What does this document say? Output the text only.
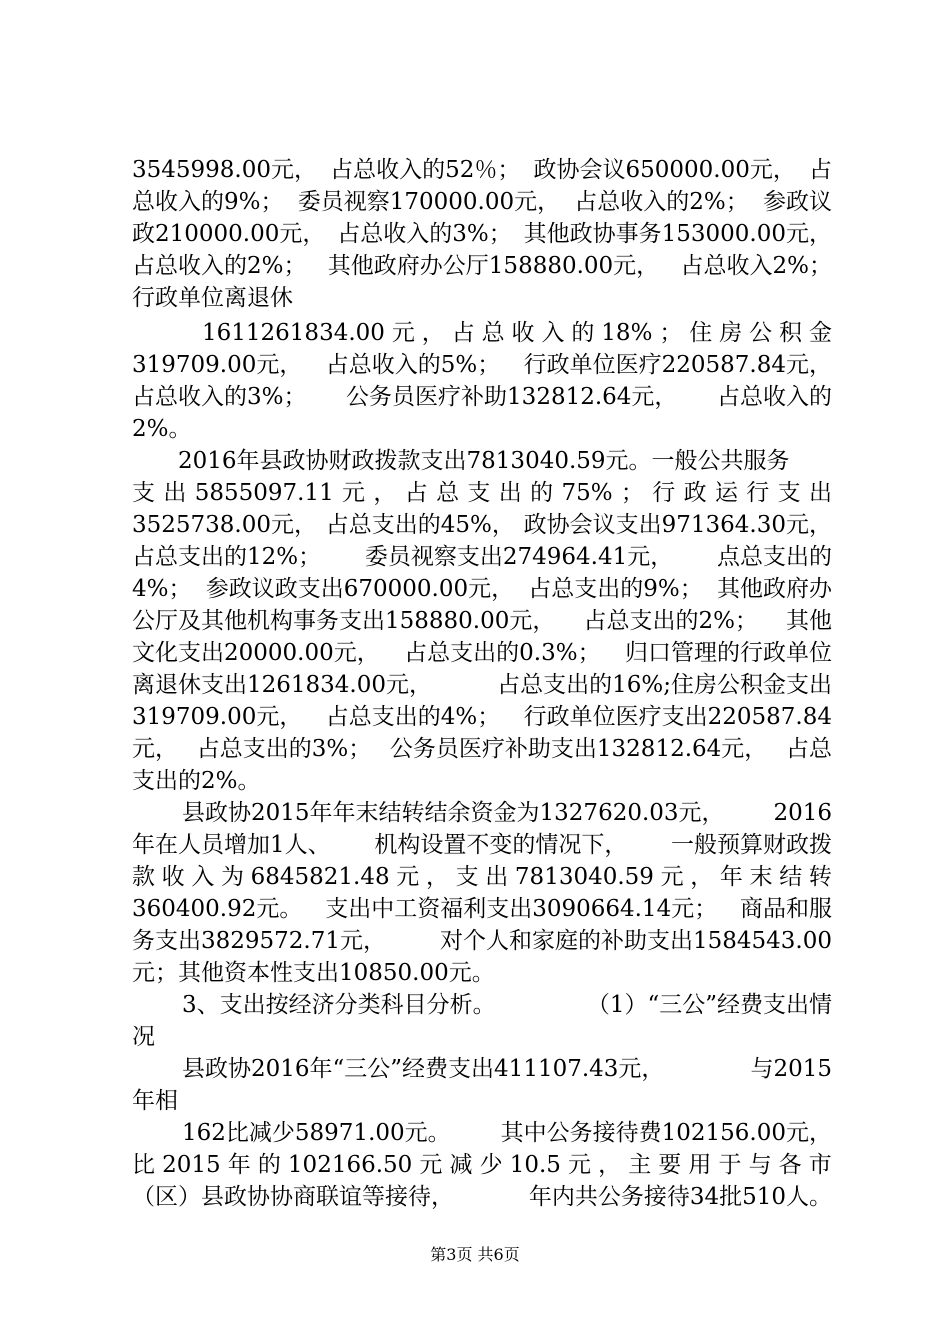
3545998.00元， 占总收入的52％； 政协会议650000.00元， 占
总收入的9%； 委员视察170000.00元， 占总收入的2%； 参政议
政210000.00元， 占总收入的3%； 其他政协事务153000.00元，
占总收入的2%； 其他政府办公厅158880.00元， 占总收入2%；
行政单位离退休
1611261834.00 元 ， 占 总 收 入 的 18% ； 住 房 公 积 金
319709.00元， 占总收入的5%； 行政单位医疗220587.84元，
占总收入的3%； 公务员医疗补助132812.64元， 占总收入的
2%。
2016年县政协财政拨款支出7813040.59元。一般公共服务
支 出 5855097.11 元 ， 占 总 支 出 的 75% ； 行 政 运 行 支 出
3525738.00元， 占总支出的45%， 政协会议支出971364.30元，
占总支出的12%； 委员视察支出274964.41元， 点总支出的
4%； 参政议政支出670000.00元， 占总支出的9%； 其他政府办
公厅及其他机构事务支出158880.00元， 占总支出的2%； 其他
文化支出20000.00元， 占总支出的0.3%； 归口管理的行政单位
离退休支出1261834.00元，	占总支出的16%;住房公积金支出
319709.00元， 占总支出的4%； 行政单位医疗支出220587.84
元， 占总支出的3%； 公务员医疗补助支出132812.64元， 占总
支出的2%。
县政协2015年年末结转结余资金为1327620.03元， 2016
年在人员增加1人、 机构设置不变的情况下， 一般预算财政拨
款 收 入 为 6845821.48 元 ， 支 出 7813040.59 元 ， 年 末 结 转
360400.92元。 支出中工资福利支出3090664.14元； 商品和服
务支出3829572.71元， 对个人和家庭的补助支出1584543.00
元； 其他资本性支出10850.00元。
3、支出按经济分类科目分析。	（1）“三公”经费支出情
况
县政协2016年“三公”经费支出411107.43元，	与2015
年相
162比减少58971.00元。 其中公务接待费102156.00元，
比 2015 年 的 102166.50 元 减 少 10.5 元 ， 主 要 用 于 与 各 市
（区）县政协协商联谊等接待，	年内共公务接待34批510人。
第3页 共6页
